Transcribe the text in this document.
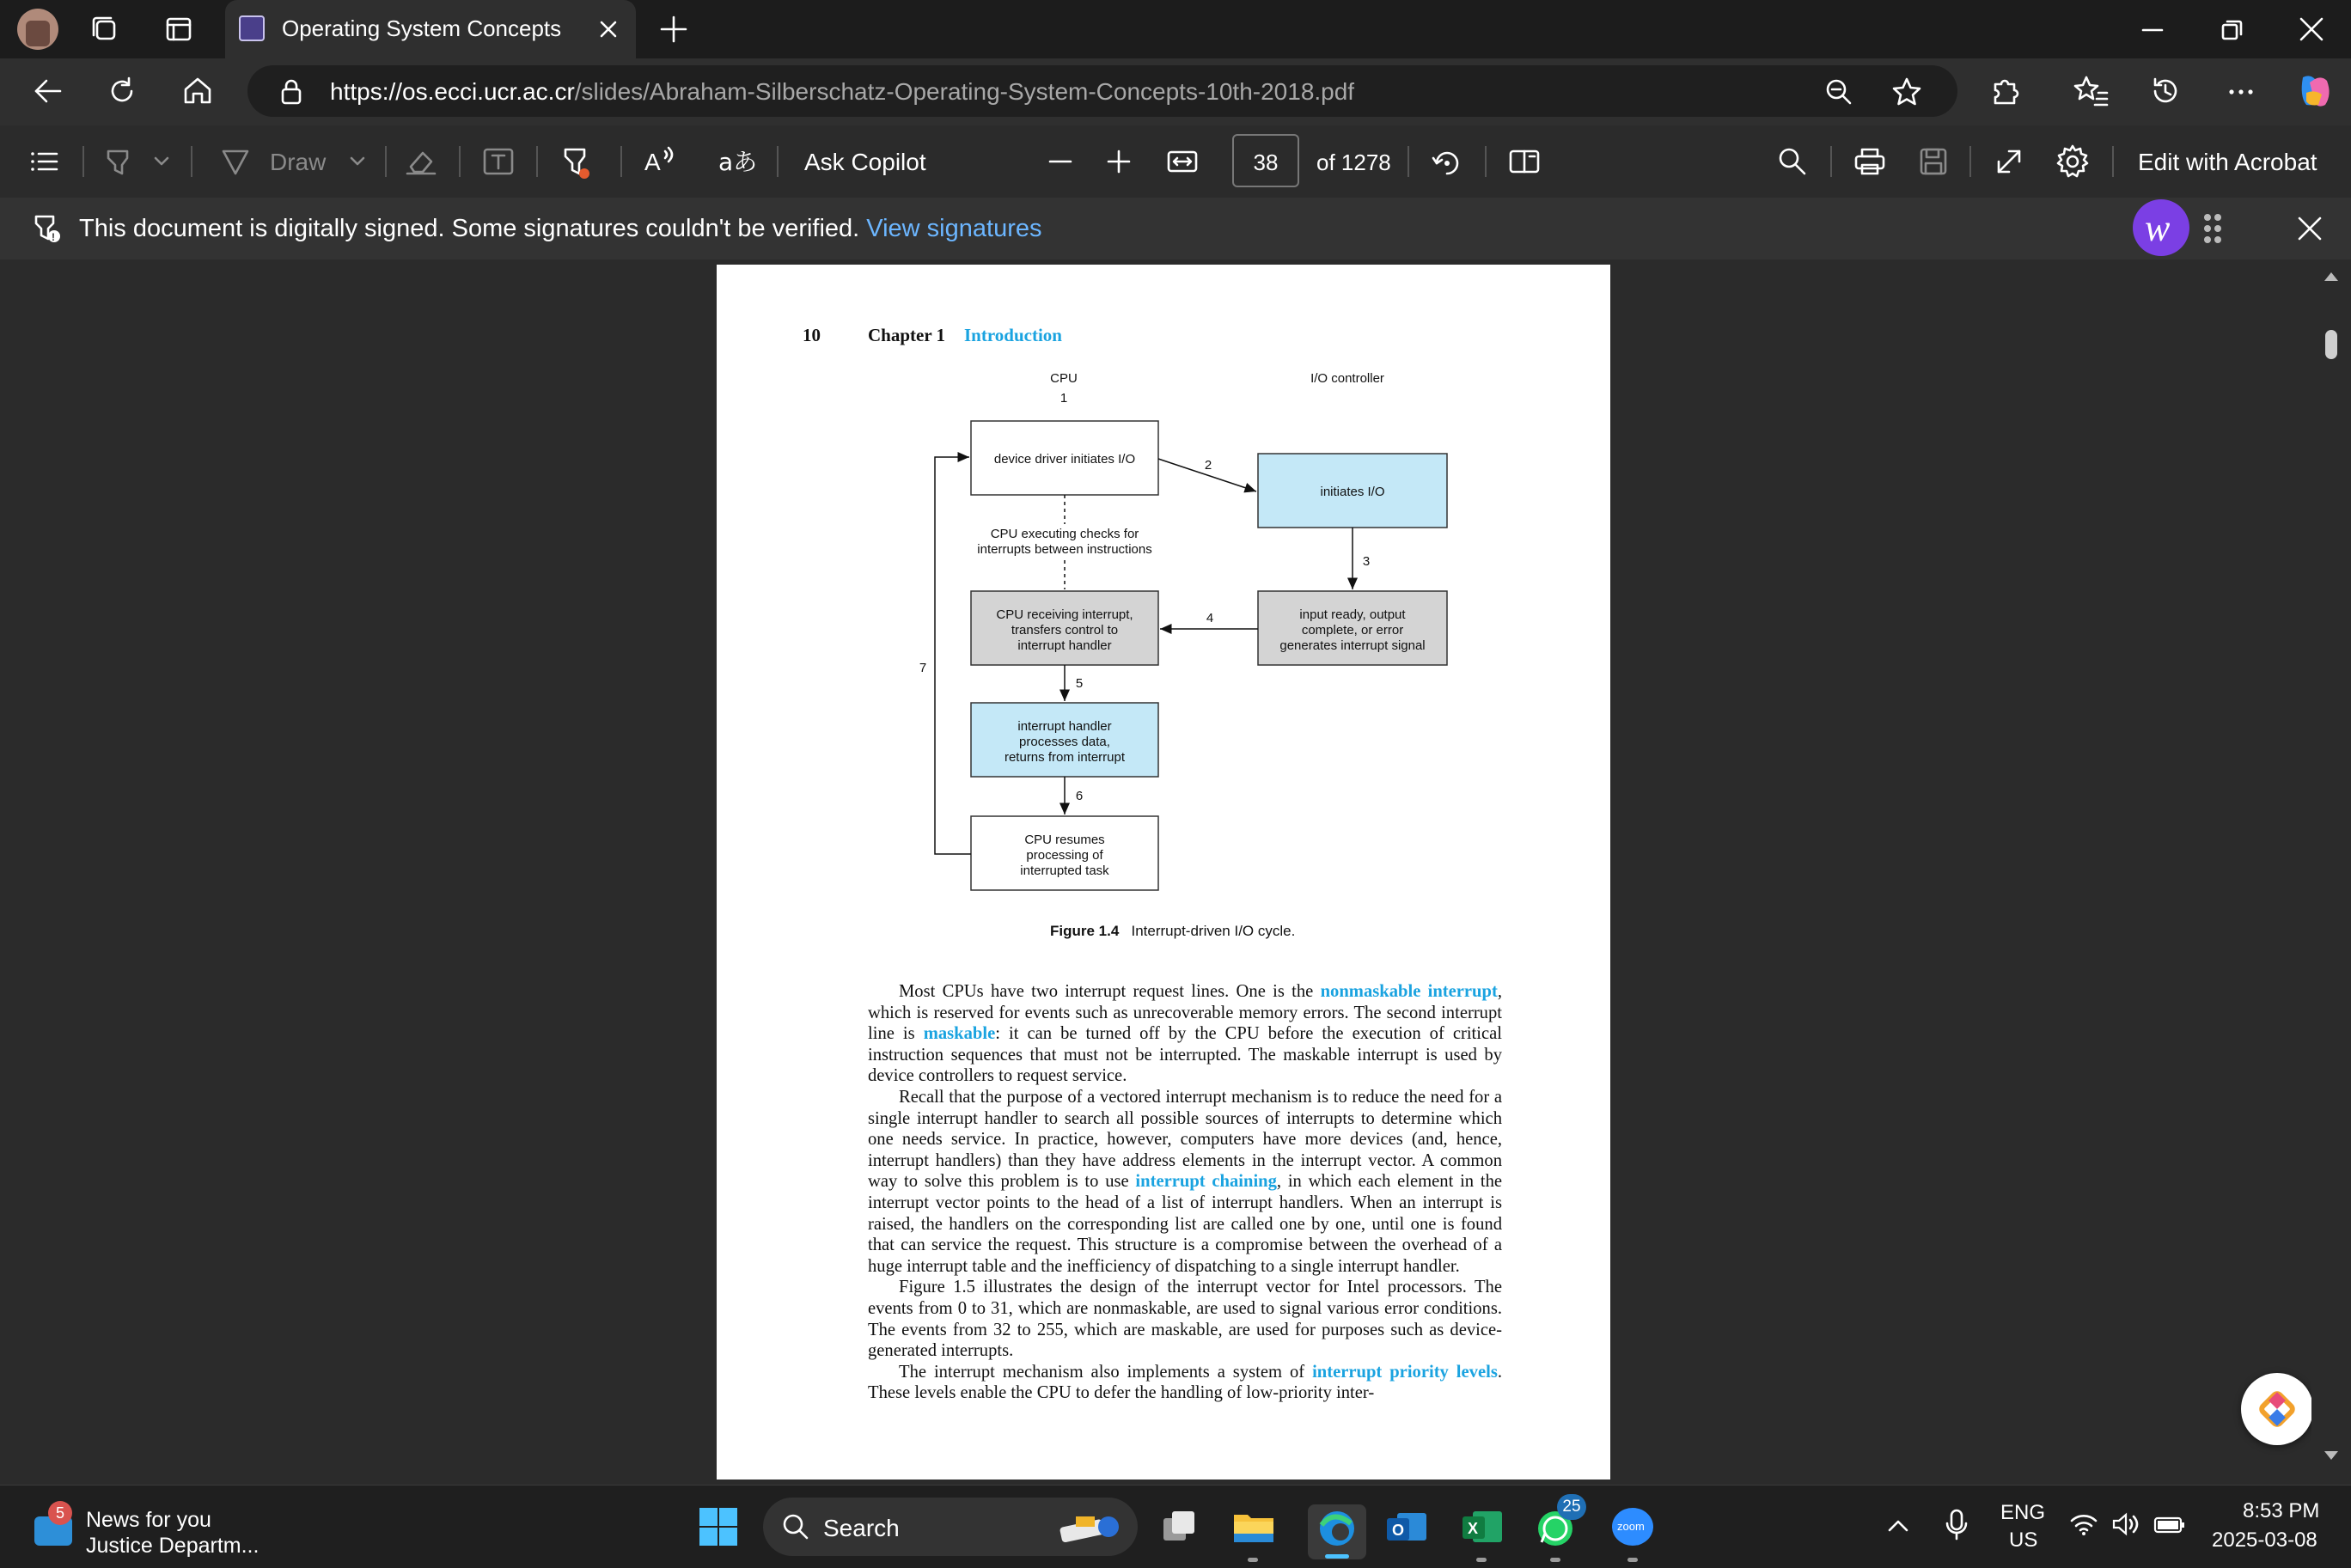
Operating System Concepts
https://os.ecci.ucr.ac.cr/slides/Abraham-Silberschatz-Operating-System-Concepts-10th-2018.pdf
Draw	A aあ Ask Copilot	38	of 1278	Edit with Acrobat
! This document is digitally signed. Some signatures couldn't be verified. View signatures	w
10	Chapter 1 Introduction
CPU	I/O controller
1
device driver initiates I/O
initiates I/O
2
CPU executing checks for
interrupts between instructions
3
CPU receiving interrupt,
transfers control to
interrupt handler
input ready, output
complete, or error
generates interrupt signal
4
5
interrupt handler
processes data,
returns from interrupt
6
CPU resumes
processing of
interrupted task
7
Figure 1.4 Interrupt-driven I/O cycle.

Most CPUs have two interrupt request lines. One is the nonmaskable interrupt, which is reserved for events such as unrecoverable memory errors. The second interrupt line is maskable: it can be turned off by the CPU before the execution of critical instruction sequences that must not be interrupted. The maskable interrupt is used by device controllers to request service.

Recall that the purpose of a vectored interrupt mechanism is to reduce the need for a single interrupt handler to search all possible sources of interrupts to determine which one needs service. In practice, however, computers have more devices (and, hence, interrupt handlers) than they have address elements in the interrupt vector. A common way to solve this problem is to use interrupt chaining, in which each element in the interrupt vector points to the head of a list of interrupt handlers. When an interrupt is raised, the handlers on the corresponding list are called one by one, until one is found that can service the request. This structure is a compromise between the overhead of a huge interrupt table and the inefficiency of dispatching to a single interrupt handler.

Figure 1.5 illustrates the design of the interrupt vector for Intel processors. The events from 0 to 31, which are nonmaskable, are used to signal various error conditions. The events from 32 to 255, which are maskable, are used for purposes such as device-generated interrupts.

The interrupt mechanism also implements a system of interrupt priority levels. These levels enable the CPU to defer the handling of low-priority inter-

5	News for you
Justice Departm...
Search	O	X
25
zoom
ENG
US
8:53 PM
2025-03-08
